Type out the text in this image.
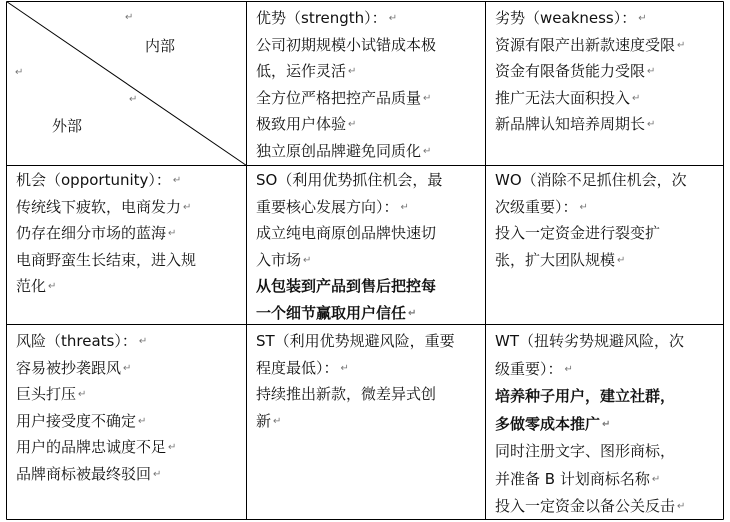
↵
内部
↵
↵
外部
优势（strength）： ↵
公司初期规模小试错成本极
低，运作灵活 ↵
全方位严格把控产品质量 ↵
极致用户体验 ↵
独立原创品牌避免同质化 ↵
劣势（weakness）： ↵
资源有限产出新款速度受限 ↵
资金有限备货能力受限 ↵
推广无法大面积投入 ↵
新品牌认知培养周期长 ↵
机会（opportunity）： ↵
传统线下疲软，电商发力 ↵
仍存在细分市场的蓝海 ↵
电商野蛮生长结束，进入规
范化 ↵
SO（利用优势抓住机会，最
重要核心发展方向）： ↵
成立纯电商原创品牌快速切
入市场 ↵
从包装到产品到售后把控每
一个细节赢取用户信任 ↵
WO（消除不足抓住机会，次
次级重要）： ↵
投入一定资金进行裂变扩
张，扩大团队规模 ↵
风险（threats）： ↵
容易被抄袭跟风 ↵
巨头打压 ↵
用户接受度不确定 ↵
用户的品牌忠诚度不足 ↵
品牌商标被最终驳回 ↵
ST（利用优势规避风险，重要
程度最低）： ↵
持续推出新款，微差异式创
新 ↵
WT（扭转劣势规避风险，次
级重要）： ↵
培养种子用户，建立社群，
多做零成本推广 ↵
同时注册文字、图形商标，
并准备 B 计划商标名称 ↵
投入一定资金以备公关反击 ↵
